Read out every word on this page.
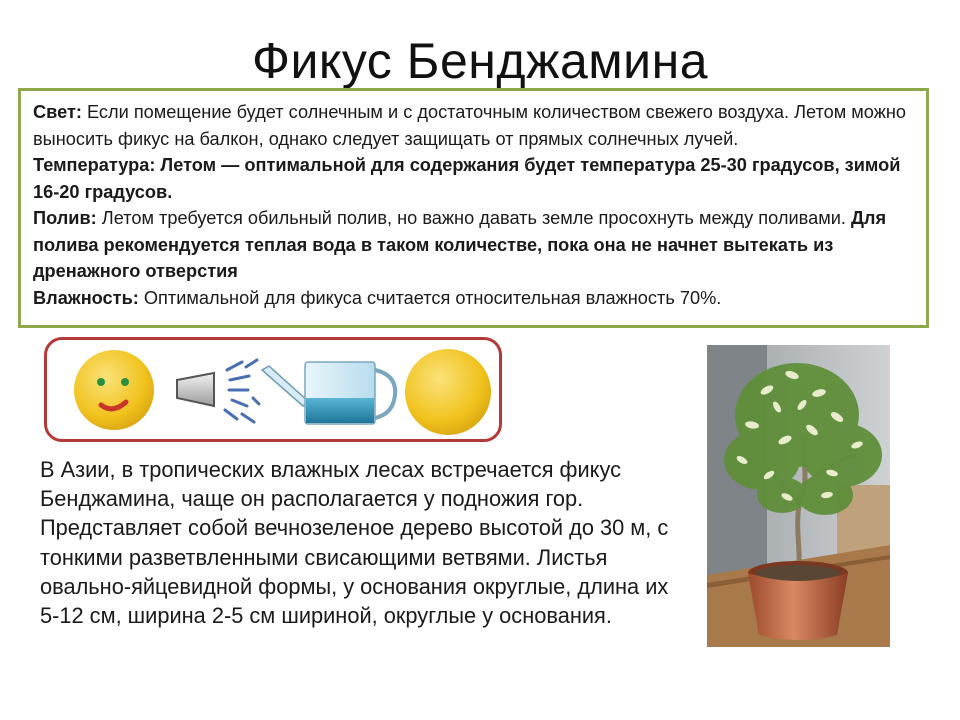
Фикус Бенджамина

Свет: Если помещение будет солнечным и с достаточным количеством свежего воздуха. Летом можно выносить фикус на балкон, однако следует защищать от прямых солнечных лучей.

Температура: Летом — оптимальной для содержания будет температура 25-30 градусов, зимой 16-20 градусов.

Полив: Летом требуется обильный полив, но важно давать земле просохнуть между поливами. Для полива рекомендуется теплая вода в таком количестве, пока она не начнет вытекать из дренажного отверстия

Влажность: Оптимальной для фикуса считается относительная влажность 70%.

В Азии, в тропических влажных лесах встречается фикус Бенджамина, чаще он располагается у подножия гор. Представляет собой вечнозеленое дерево высотой до 30 м, с тонкими разветвленными свисающими ветвями. Листья овально-яйцевидной формы, у основания округлые, длина их 5-12 см, ширина 2-5 см шириной, округлые у основания.
